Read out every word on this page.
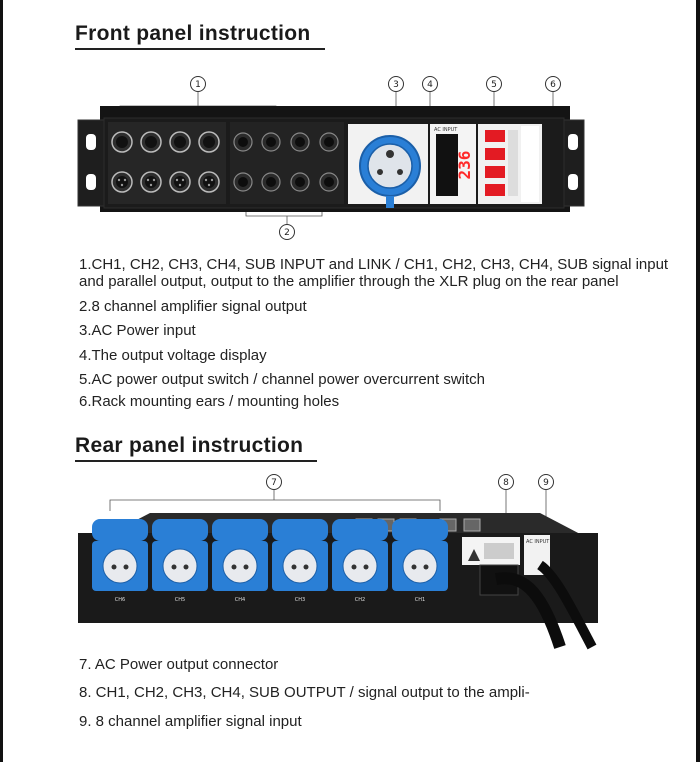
Front panel instruction
1	3	4	5	6
2
AC INPUT
236
1.CH1, CH2, CH3, CH4, SUB INPUT and LINK / CH1, CH2, CH3, CH4, SUB signal input
and parallel output, output to the amplifier through the XLR plug on the rear panel
2.8 channel amplifier signal output
3.AC Power input
4.The output voltage display
5.AC power output switch / channel power overcurrent switch
6.Rack mounting ears / mounting holes
Rear panel instruction
7	8	9
AC INPUT
CH6	CH5	CH4	CH3	CH2	CH1
7. AC Power output connector
8. CH1, CH2, CH3, CH4, SUB OUTPUT / signal output to the ampli-
9. 8 channel amplifier signal input
